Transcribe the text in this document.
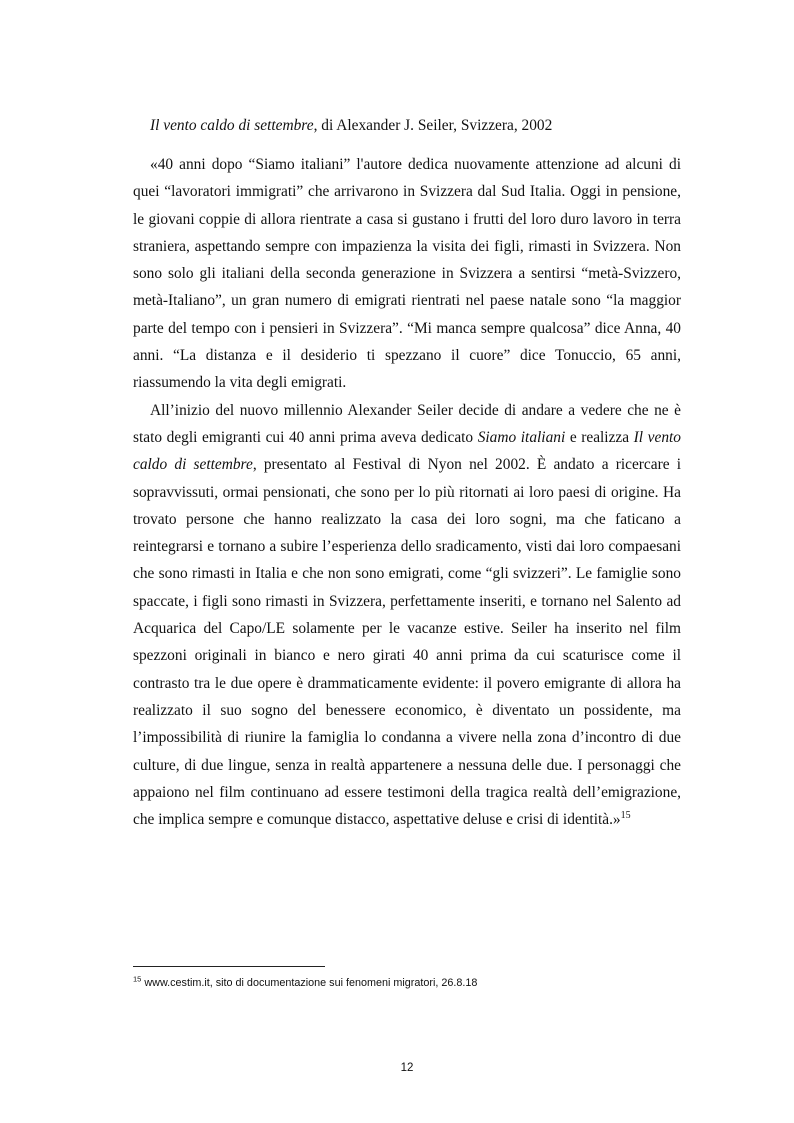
Il vento caldo di settembre, di Alexander J. Seiler, Svizzera, 2002

«40 anni dopo “Siamo italiani” l'autore dedica nuovamente attenzione ad alcuni di quei “lavoratori immigrati” che arrivarono in Svizzera dal Sud Italia. Oggi in pensione, le giovani coppie di allora rientrate a casa si gustano i frutti del loro duro lavoro in terra straniera, aspettando sempre con impazienza la visita dei figli, rimasti in Svizzera. Non sono solo gli italiani della seconda generazione in Svizzera a sentirsi “metà-Svizzero, metà-Italiano”, un gran numero di emigrati rientrati nel paese natale sono “la maggior parte del tempo con i pensieri in Svizzera”. “Mi manca sempre qualcosa” dice Anna, 40 anni. “La distanza e il desiderio ti spezzano il cuore” dice Tonuccio, 65 anni, riassumendo la vita degli emigrati.

All’inizio del nuovo millennio Alexander Seiler decide di andare a vedere che ne è stato degli emigranti cui 40 anni prima aveva dedicato Siamo italiani e realizza Il vento caldo di settembre, presentato al Festival di Nyon nel 2002. È andato a ricercare i sopravvissuti, ormai pensionati, che sono per lo più ritornati ai loro paesi di origine. Ha trovato persone che hanno realizzato la casa dei loro sogni, ma che faticano a reintegrarsi e tornano a subire l’esperienza dello sradicamento, visti dai loro compaesani che sono rimasti in Italia e che non sono emigrati, come “gli svizzeri”. Le famiglie sono spaccate, i figli sono rimasti in Svizzera, perfettamente inseriti, e tornano nel Salento ad Acquarica del Capo/LE solamente per le vacanze estive. Seiler ha inserito nel film spezzoni originali in bianco e nero girati 40 anni prima da cui scaturisce come il contrasto tra le due opere è drammaticamente evidente: il povero emigrante di allora ha realizzato il suo sogno del benessere economico, è diventato un possidente, ma l’impossibilità di riunire la famiglia lo condanna a vivere nella zona d’incontro di due culture, di due lingue, senza in realtà appartenere a nessuna delle due. I personaggi che appaiono nel film continuano ad essere testimoni della tragica realtà dell’emigrazione, che implica sempre e comunque distacco, aspettative deluse e crisi di identità.»$^{15}$

$^{15}$ www.cestim.it, sito di documentazione sui fenomeni migratori, 26.8.18
12
